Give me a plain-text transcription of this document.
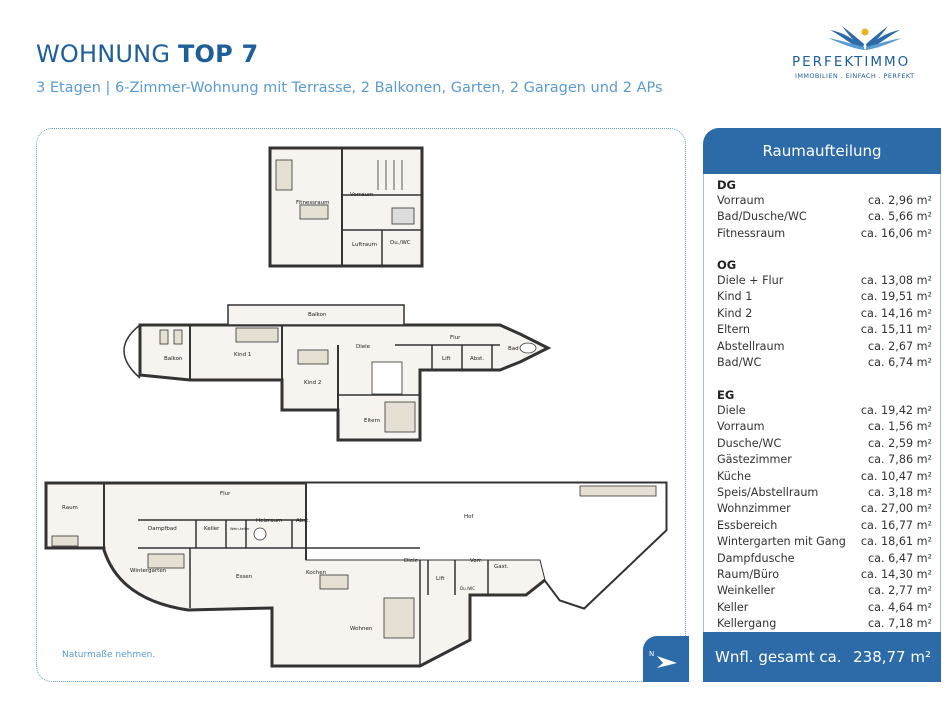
WOHNUNG TOP 7
3 Etagen | 6-Zimmer-Wohnung mit Terrasse, 2 Balkonen, Garten, 2 Garagen und 2 APs
PERFEKTIMMO
IMMOBILIEN . EINFACH . PERFEKT
Fitnessraum
Vorraum
Luftraum Du./WC
Balkon
Balkon
Kind 1
Diele
Flur
Lift	Abst.
Bad
Kind 2
Eltern
Raum
Flur
Dampfbad	Keller	Wein-keller
Heizraum Abst.
Hof
Wintergarten
Essen
Kochen
Diele	Vorr.
Gast.
Lift
Du./WC
Wohnen
Naturmaße nehmen.	N
Raumaufteilung
DG
Vorraum	ca. 2,96 m²
Bad/Dusche/WC	ca. 5,66 m²
Fitnessraum	ca. 16,06 m²
OG
Diele + Flur	ca. 13,08 m²
Kind 1	ca. 19,51 m²
Kind 2	ca. 14,16 m²
Eltern	ca. 15,11 m²
Abstellraum	ca. 2,67 m²
Bad/WC	ca. 6,74 m²
EG
Diele	ca. 19,42 m²
Vorraum	ca. 1,56 m²
Dusche/WC	ca. 2,59 m²
Gästezimmer	ca. 7,86 m²
Küche	ca. 10,47 m²
Speis/Abstellraum	ca. 3,18 m²
Wohnzimmer	ca. 27,00 m²
Essbereich	ca. 16,77 m²
Wintergarten mit Gang ca. 18,61 m²
Dampfdusche	ca. 6,47 m²
Raum/Büro	ca. 14,30 m²
Weinkeller	ca. 2,77 m²
Keller	ca. 4,64 m²
Kellergang	ca. 7,18 m²
Wnfl. gesamt ca. 238,77 m²
